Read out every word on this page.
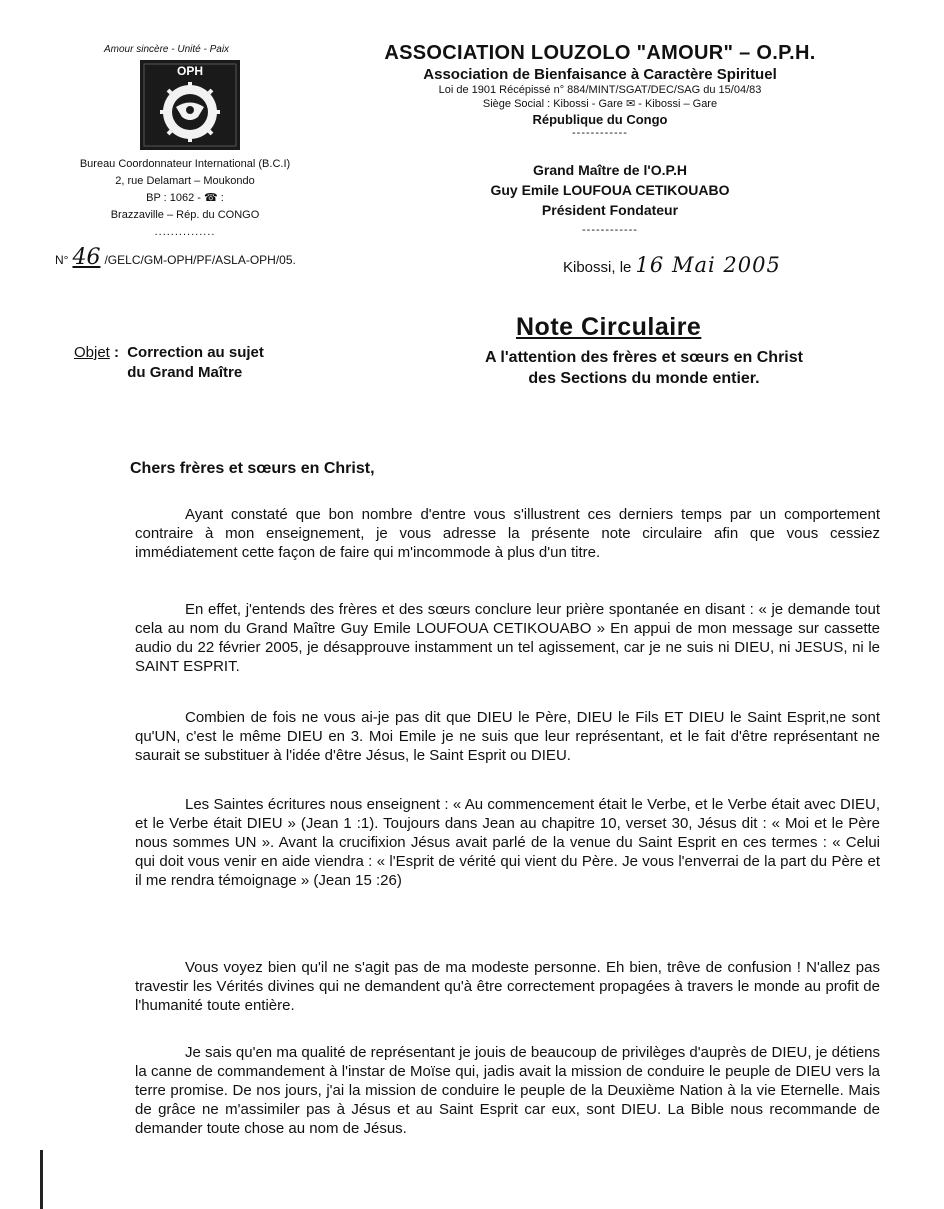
Amour sincère - Unité - Paix
OPH
Bureau Coordonnateur International (B.C.I)
2, rue Delamart – Moukondo
BP : 1062 - ☎ :
Brazzaville – Rép. du CONGO
...............
ASSOCIATION LOUZOLO "AMOUR" – O.P.H.
Association de Bienfaisance à Caractère Spirituel
Loi de 1901 Récépissé n° 884/MINT/SGAT/DEC/SAG du 15/04/83
Siège Social : Kibossi - Gare ✉ - Kibossi – Gare
République du Congo
------------
Grand Maître de l'O.P.H
Guy Emile LOUFOUA CETIKOUABO
Président Fondateur
------------
N° 46 /GELC/GM-OPH/PF/ASLA-OPH/05.	Kibossi, le 16 Mai 2005
Note Circulaire
Objet : Correction au sujet
du Grand Maître
A l'attention des frères et sœurs en Christ
des Sections du monde entier.
Chers frères et sœurs en Christ,

Ayant constaté que bon nombre d'entre vous s'illustrent ces derniers temps par un comportement contraire à mon enseignement, je vous adresse la présente note circulaire afin que vous cessiez immédiatement cette façon de faire qui m'incommode à plus d'un titre.

En effet, j'entends des frères et des sœurs conclure leur prière spontanée en disant : « je demande tout cela au nom du Grand Maître Guy Emile LOUFOUA CETIKOUABO » En appui de mon message sur cassette audio du 22 février 2005, je désapprouve instamment un tel agissement, car je ne suis ni DIEU, ni JESUS, ni le SAINT ESPRIT.

Combien de fois ne vous ai-je pas dit que DIEU le Père, DIEU le Fils ET DIEU le Saint Esprit,ne sont qu'UN, c'est le même DIEU en 3. Moi Emile je ne suis que leur représentant, et le fait d'être représentant ne saurait se substituer à l'idée d'être Jésus, le Saint Esprit ou DIEU.

Les Saintes écritures nous enseignent : « Au commencement était le Verbe, et le Verbe était avec DIEU, et le Verbe était DIEU » (Jean 1 :1). Toujours dans Jean au chapitre 10, verset 30, Jésus dit : « Moi et le Père nous sommes UN ». Avant la crucifixion Jésus avait parlé de la venue du Saint Esprit en ces termes : « Celui qui doit vous venir en aide viendra : « l'Esprit de vérité qui vient du Père. Je vous l'enverrai de la part du Père et il me rendra témoignage » (Jean 15 :26)

Vous voyez bien qu'il ne s'agit pas de ma modeste personne. Eh bien, trêve de confusion ! N'allez pas travestir les Vérités divines qui ne demandent qu'à être correctement propagées à travers le monde au profit de l'humanité toute entière.

Je sais qu'en ma qualité de représentant je jouis de beaucoup de privilèges d'auprès de DIEU, je détiens la canne de commandement à l'instar de Moïse qui, jadis avait la mission de conduire le peuple de DIEU vers la terre promise. De nos jours, j'ai la mission de conduire le peuple de la Deuxième Nation à la vie Eternelle. Mais de grâce ne m'assimiler pas à Jésus et au Saint Esprit car eux, sont DIEU. La Bible nous recommande de demander toute chose au nom de Jésus.
